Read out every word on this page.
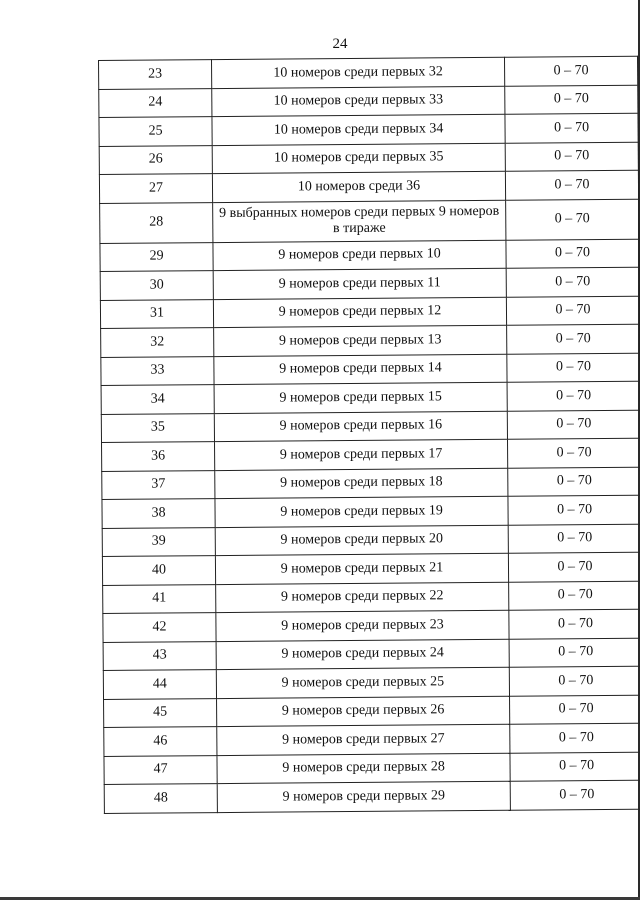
24
23	10 номеров среди первых 32	0 – 70
24	10 номеров среди первых 33	0 – 70
25	10 номеров среди первых 34	0 – 70
26	10 номеров среди первых 35	0 – 70
27	10 номеров среди 36	0 – 70
28	9 выбранных номеров среди первых 9 номеров в тираже	0 – 70
29	9 номеров среди первых 10	0 – 70
30	9 номеров среди первых 11	0 – 70
31	9 номеров среди первых 12	0 – 70
32	9 номеров среди первых 13	0 – 70
33	9 номеров среди первых 14	0 – 70
34	9 номеров среди первых 15	0 – 70
35	9 номеров среди первых 16	0 – 70
36	9 номеров среди первых 17	0 – 70
37	9 номеров среди первых 18	0 – 70
38	9 номеров среди первых 19	0 – 70
39	9 номеров среди первых 20	0 – 70
40	9 номеров среди первых 21	0 – 70
41	9 номеров среди первых 22	0 – 70
42	9 номеров среди первых 23	0 – 70
43	9 номеров среди первых 24	0 – 70
44	9 номеров среди первых 25	0 – 70
45	9 номеров среди первых 26	0 – 70
46	9 номеров среди первых 27	0 – 70
47	9 номеров среди первых 28	0 – 70
48	9 номеров среди первых 29	0 – 70
